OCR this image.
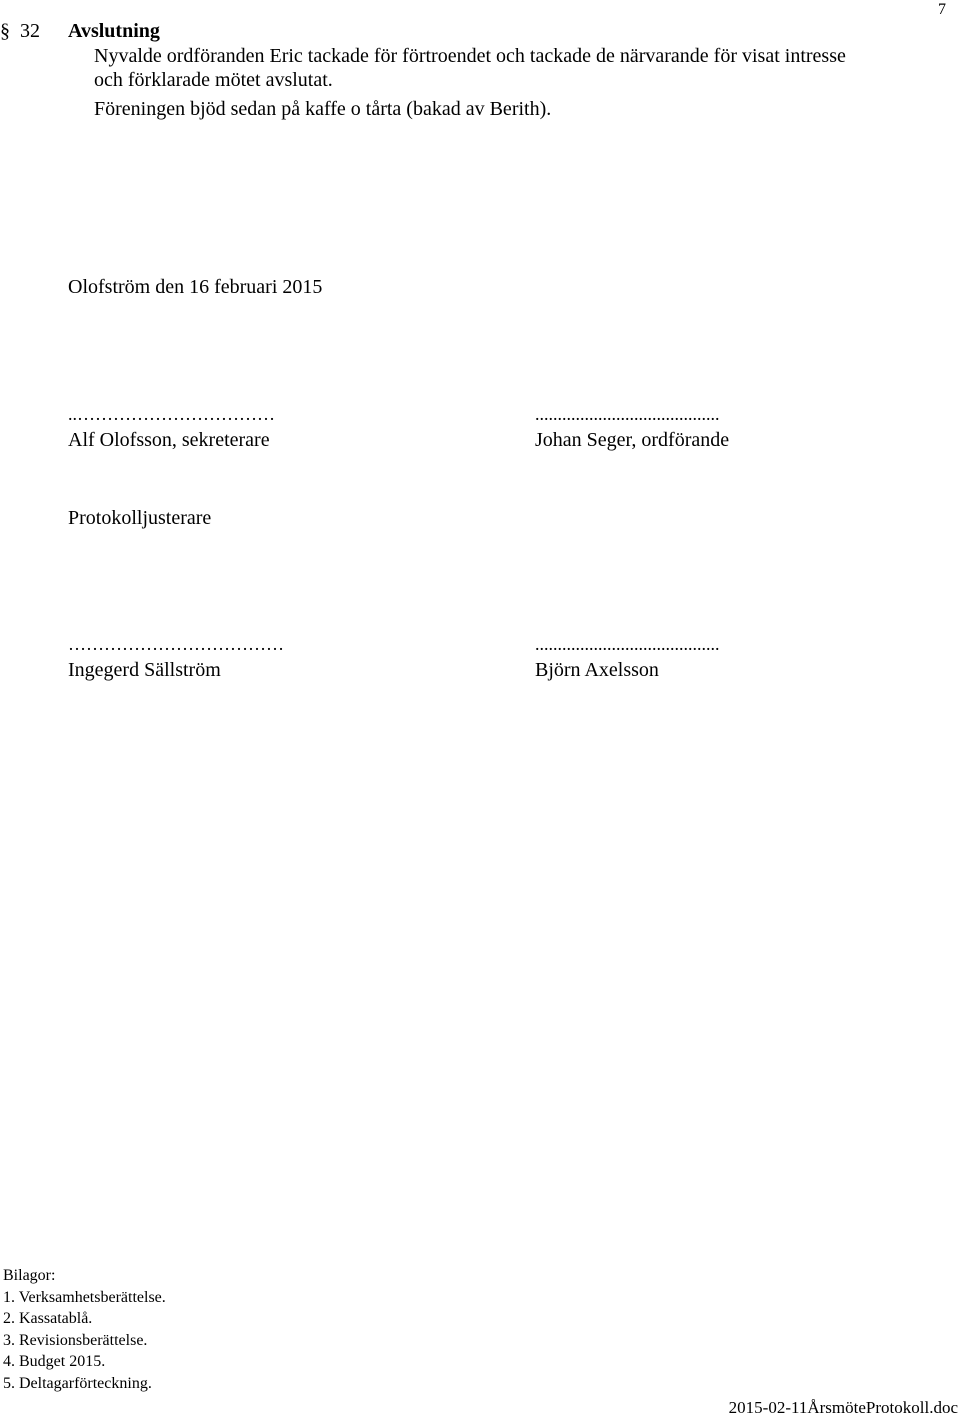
7
§ 32 Avslutning
Nyvalde ordföranden Eric tackade för förtroendet och tackade de närvarande för visat intresse
och förklarade mötet avslutat.
Föreningen bjöd sedan på kaffe o tårta (bakad av Berith).
Olofström den 16 februari 2015
..……………………………	.........................................
Alf Olofsson, sekreterare	Johan Seger, ordförande
Protokolljusterare
………………………………	.........................................
Ingegerd Sällström	Björn Axelsson
Bilagor:
1. Verksamhetsberättelse.
2. Kassatablå.
3. Revisionsberättelse.
4. Budget 2015.
5. Deltagarförteckning.
2015-02-11ÅrsmöteProtokoll.doc
